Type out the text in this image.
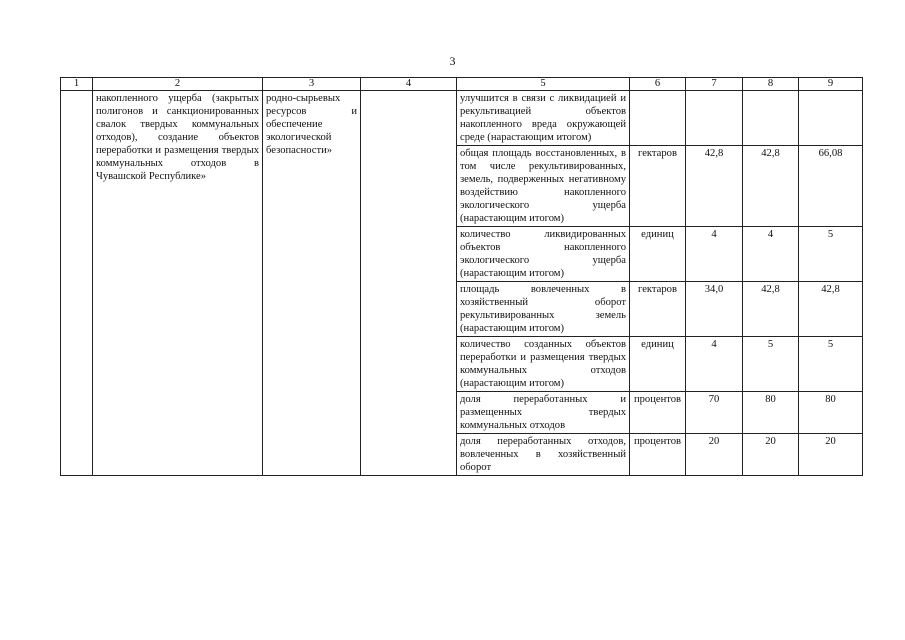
3
1	2	3	4	5	6	7	8	9
	накопленного ущерба (закрытых полигонов и санкционированных свалок твердых коммунальных отходов), создание объектов переработки и размещения твердых коммунальных отходов в Чувашской Республике»	родно-сырьевых ресурсов и обеспечение экологической безопасности»		улучшится в связи с ликвидацией и рекультивацией объектов накопленного вреда окружающей среде (нарастающим итогом)				
				общая площадь восстановленных, в том числе рекультивированных, земель, подверженных негативному воздействию накопленного экологического ущерба (нарастающим итогом)	гектаров	42,8	42,8	66,08
				количество ликвидированных объектов накопленного экологического ущерба (нарастающим итогом)	единиц	4	4	5
				площадь вовлеченных в хозяйственный оборот рекультивированных земель (нарастающим итогом)	гектаров	34,0	42,8	42,8
				количество созданных объектов переработки и размещения твердых коммунальных отходов (нарастающим итогом)	единиц	4	5	5
				доля переработанных и размещенных твердых коммунальных отходов	процентов	70	80	80
				доля переработанных отходов, вовлеченных в хозяйственный оборот	процентов	20	20	20
